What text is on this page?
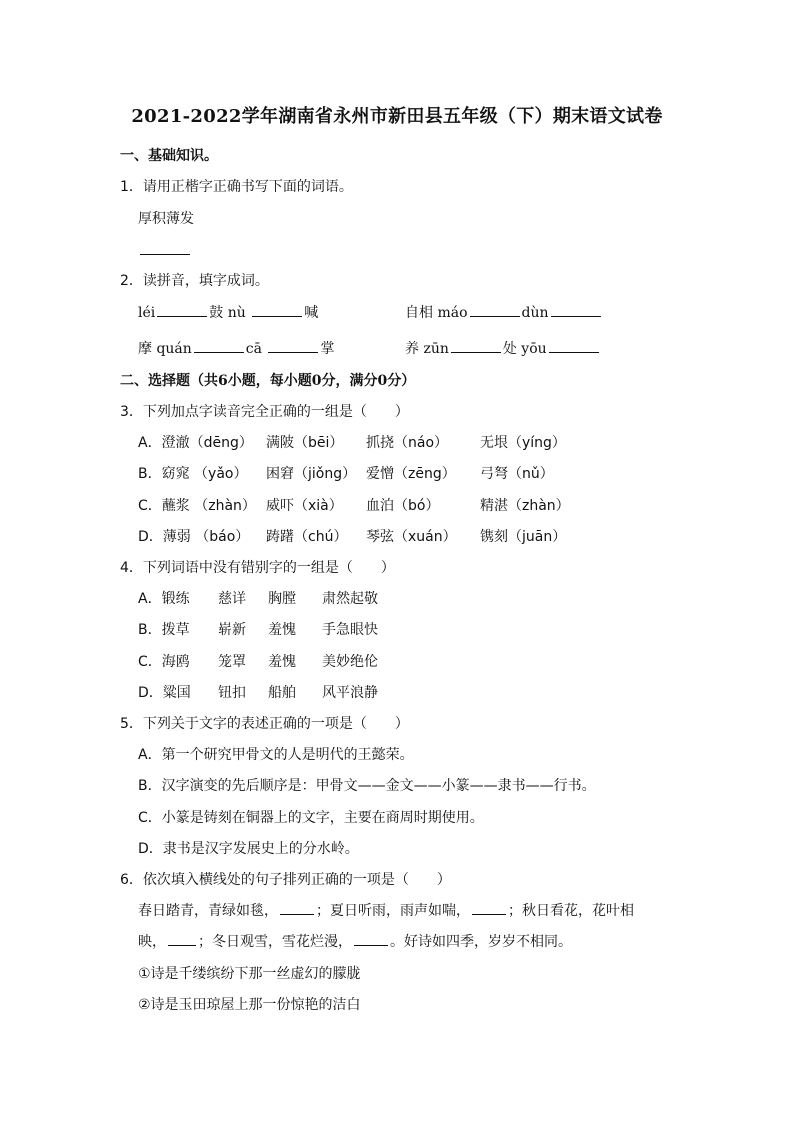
2021-2022学年湖南省永州市新田县五年级（下）期末语文试卷
一、基础知识。
1．请用正楷字正确书写下面的词语。
厚积薄发
2．读拼音，填字成词。
léi	鼓 nù	喊	自相 máo	dùn
摩 quán	cā	掌	养 zūn	处 yōu
二、选择题（共6小题，每小题0分，满分0分）
3．下列加点字读音完全正确的一组是（　　）
A．澄澈（dēng） 满陂（bēi） 抓挠（náo） 无垠（yíng）
B．窈窕 （yǎo） 困窘（jiǒng） 爱憎（zēng） 弓弩（nǔ）
C．蘸浆 （zhàn） 威吓（xià） 血泊（bó）	精湛（zhàn）
D．薄弱 （báo） 踌躇（chú） 琴弦（xuán） 镌刻（juān）
4．下列词语中没有错别字的一组是（　　）
A．锻练 慈详 胸膛 肃然起敬
B．拨草 崭新 羞愧 手急眼快
C．海鸥 笼罩 羞愧 美妙绝伦
D．粱国 钮扣 船舶 风平浪静
5．下列关于文字的表述正确的一项是（　　）
A．第一个研究甲骨文的人是明代的王懿荣。
B．汉字演变的先后顺序是：甲骨文——金文——小篆——隶书——行书。
C．小篆是铸刻在铜器上的文字，主要在商周时期使用。
D．隶书是汉字发展史上的分水岭。
6．依次填入横线处的句子排列正确的一项是（　　）
春日踏青，青绿如毯，	；夏日听雨，雨声如喘，	；秋日看花，花叶相
映， ；冬日观雪，雪花烂漫，	。好诗如四季，岁岁不相同。
①诗是千缕缤纷下那一丝虚幻的朦胧
②诗是玉田琼屋上那一份惊艳的洁白
